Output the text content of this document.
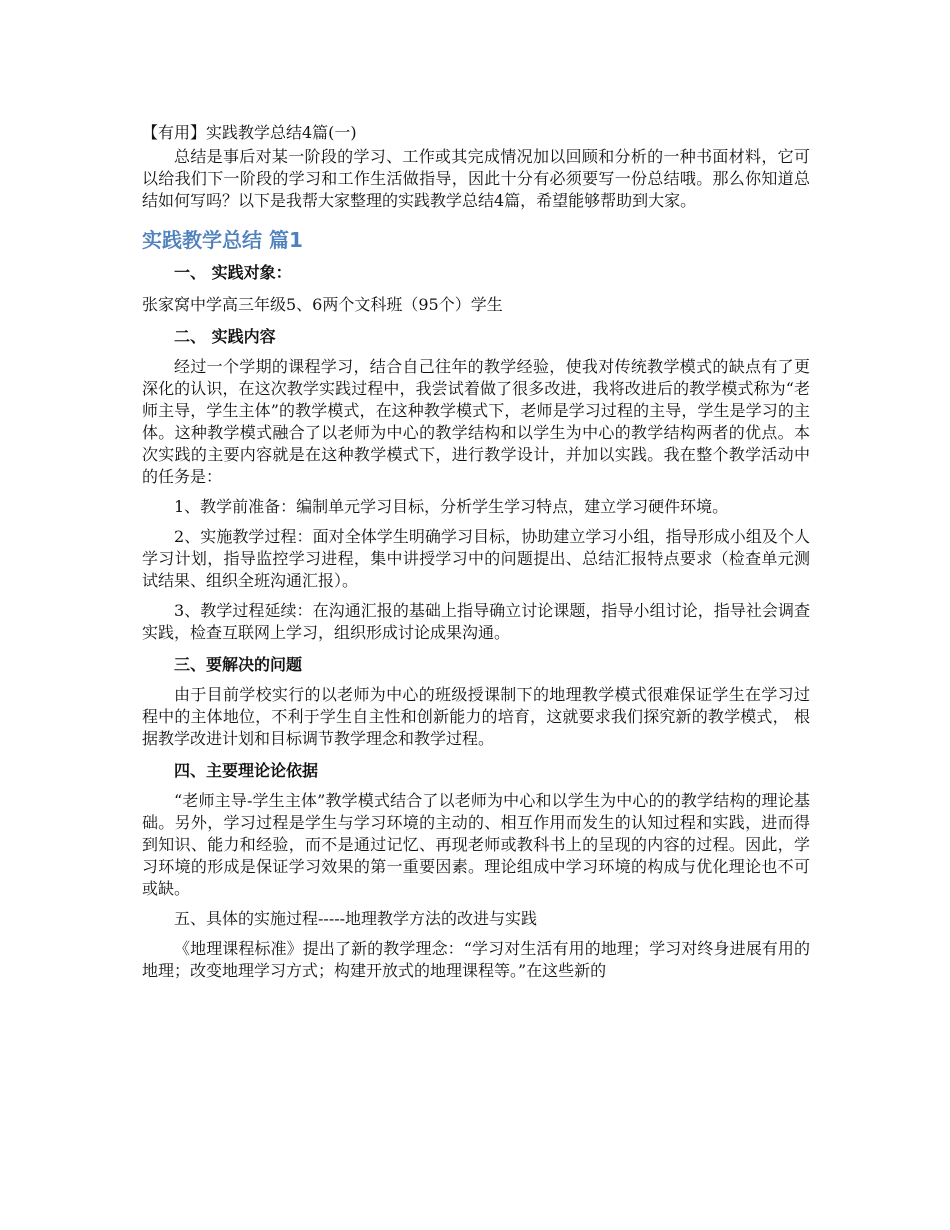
【有用】实践教学总结4篇(一)

总结是事后对某一阶段的学习、工作或其完成情况加以回顾和分析的一种书面材料，它可以给我们下一阶段的学习和工作生活做指导，因此十分有必须要写一份总结哦。那么你知道总结如何写吗？以下是我帮大家整理的实践教学总结4篇，希望能够帮助到大家。

实践教学总结 篇1

一、 实践对象：

张家窝中学高三年级5、6两个文科班（95个）学生

二、 实践内容

经过一个学期的课程学习，结合自己往年的教学经验，使我对传统教学模式的缺点有了更深化的认识，在这次教学实践过程中，我尝试着做了很多改进，我将改进后的教学模式称为“老师主导，学生主体”的教学模式，在这种教学模式下，老师是学习过程的主导，学生是学习的主体。这种教学模式融合了以老师为中心的教学结构和以学生为中心的教学结构两者的优点。本次实践的主要内容就是在这种教学模式下，进行教学设计，并加以实践。我在整个教学活动中的任务是：

1、教学前准备：编制单元学习目标，分析学生学习特点，建立学习硬件环境。

2、实施教学过程：面对全体学生明确学习目标，协助建立学习小组，指导形成小组及个人学习计划，指导监控学习进程，集中讲授学习中的问题提出、总结汇报特点要求（检查单元测试结果、组织全班沟通汇报）。

3、教学过程延续：在沟通汇报的基础上指导确立讨论课题，指导小组讨论，指导社会调查实践，检查互联网上学习，组织形成讨论成果沟通。

三、要解决的问题

由于目前学校实行的以老师为中心的班级授课制下的地理教学模式很难保证学生在学习过程中的主体地位，不利于学生自主性和创新能力的培育，这就要求我们探究新的教学模式， 根据教学改进计划和目标调节教学理念和教学过程。

四、主要理论论依据

“老师主导-学生主体”教学模式结合了以老师为中心和以学生为中心的的教学结构的理论基础。另外，学习过程是学生与学习环境的主动的、相互作用而发生的认知过程和实践，进而得到知识、能力和经验，而不是通过记忆、再现老师或教科书上的呈现的内容的过程。因此，学习环境的形成是保证学习效果的第一重要因素。理论组成中学习环境的构成与优化理论也不可或缺。

五、具体的实施过程-----地理教学方法的改进与实践

《地理课程标准》提出了新的教学理念：“学习对生活有用的地理；学习对终身进展有用的地理；改变地理学习方式；构建开放式的地理课程等。”在这些新的
